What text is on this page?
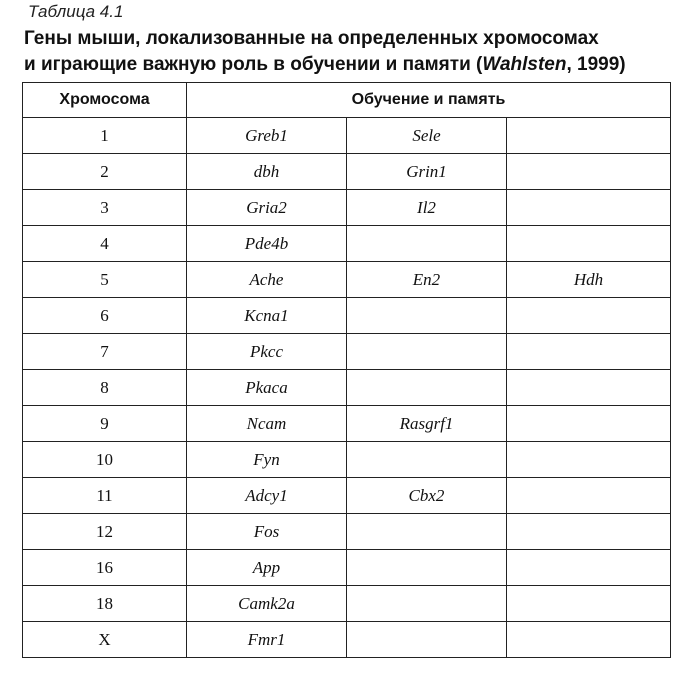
Таблица 4.1
Гены мыши, локализованные на определенных хромосомах
и играющие важную роль в обучении и памяти (Wahlsten, 1999)
Хромосома	Обучение и память		
1	Greb1	Sele	
2	dbh	Grin1	
3	Gria2	Il2	
4	Pde4b		
5	Ache	En2	Hdh
6	Kcna1		
7	Pkcc		
8	Pkaca		
9	Ncam	Rasgrf1	
10	Fyn		
11	Adcy1	Cbx2	
12	Fos		
16	App		
18	Camk2a		
X	Fmr1		
